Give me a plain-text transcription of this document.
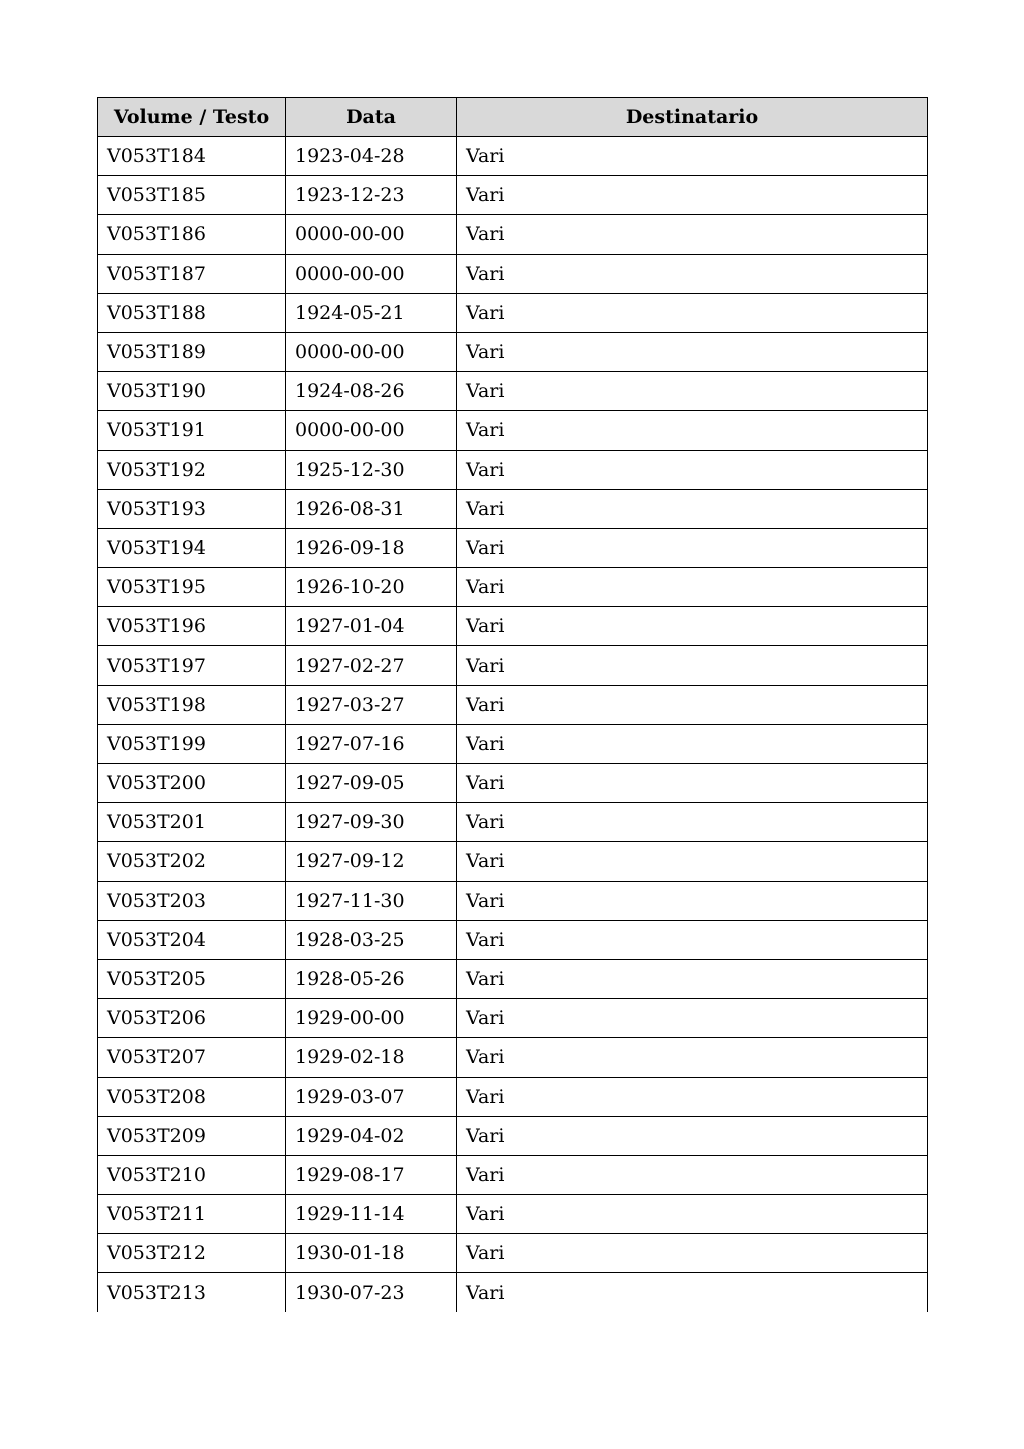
Volume / Testo	Data	Destinatario
V053T184	1923-04-28	Vari
V053T185	1923-12-23	Vari
V053T186	0000-00-00	Vari
V053T187	0000-00-00	Vari
V053T188	1924-05-21	Vari
V053T189	0000-00-00	Vari
V053T190	1924-08-26	Vari
V053T191	0000-00-00	Vari
V053T192	1925-12-30	Vari
V053T193	1926-08-31	Vari
V053T194	1926-09-18	Vari
V053T195	1926-10-20	Vari
V053T196	1927-01-04	Vari
V053T197	1927-02-27	Vari
V053T198	1927-03-27	Vari
V053T199	1927-07-16	Vari
V053T200	1927-09-05	Vari
V053T201	1927-09-30	Vari
V053T202	1927-09-12	Vari
V053T203	1927-11-30	Vari
V053T204	1928-03-25	Vari
V053T205	1928-05-26	Vari
V053T206	1929-00-00	Vari
V053T207	1929-02-18	Vari
V053T208	1929-03-07	Vari
V053T209	1929-04-02	Vari
V053T210	1929-08-17	Vari
V053T211	1929-11-14	Vari
V053T212	1930-01-18	Vari
V053T213	1930-07-23	Vari
